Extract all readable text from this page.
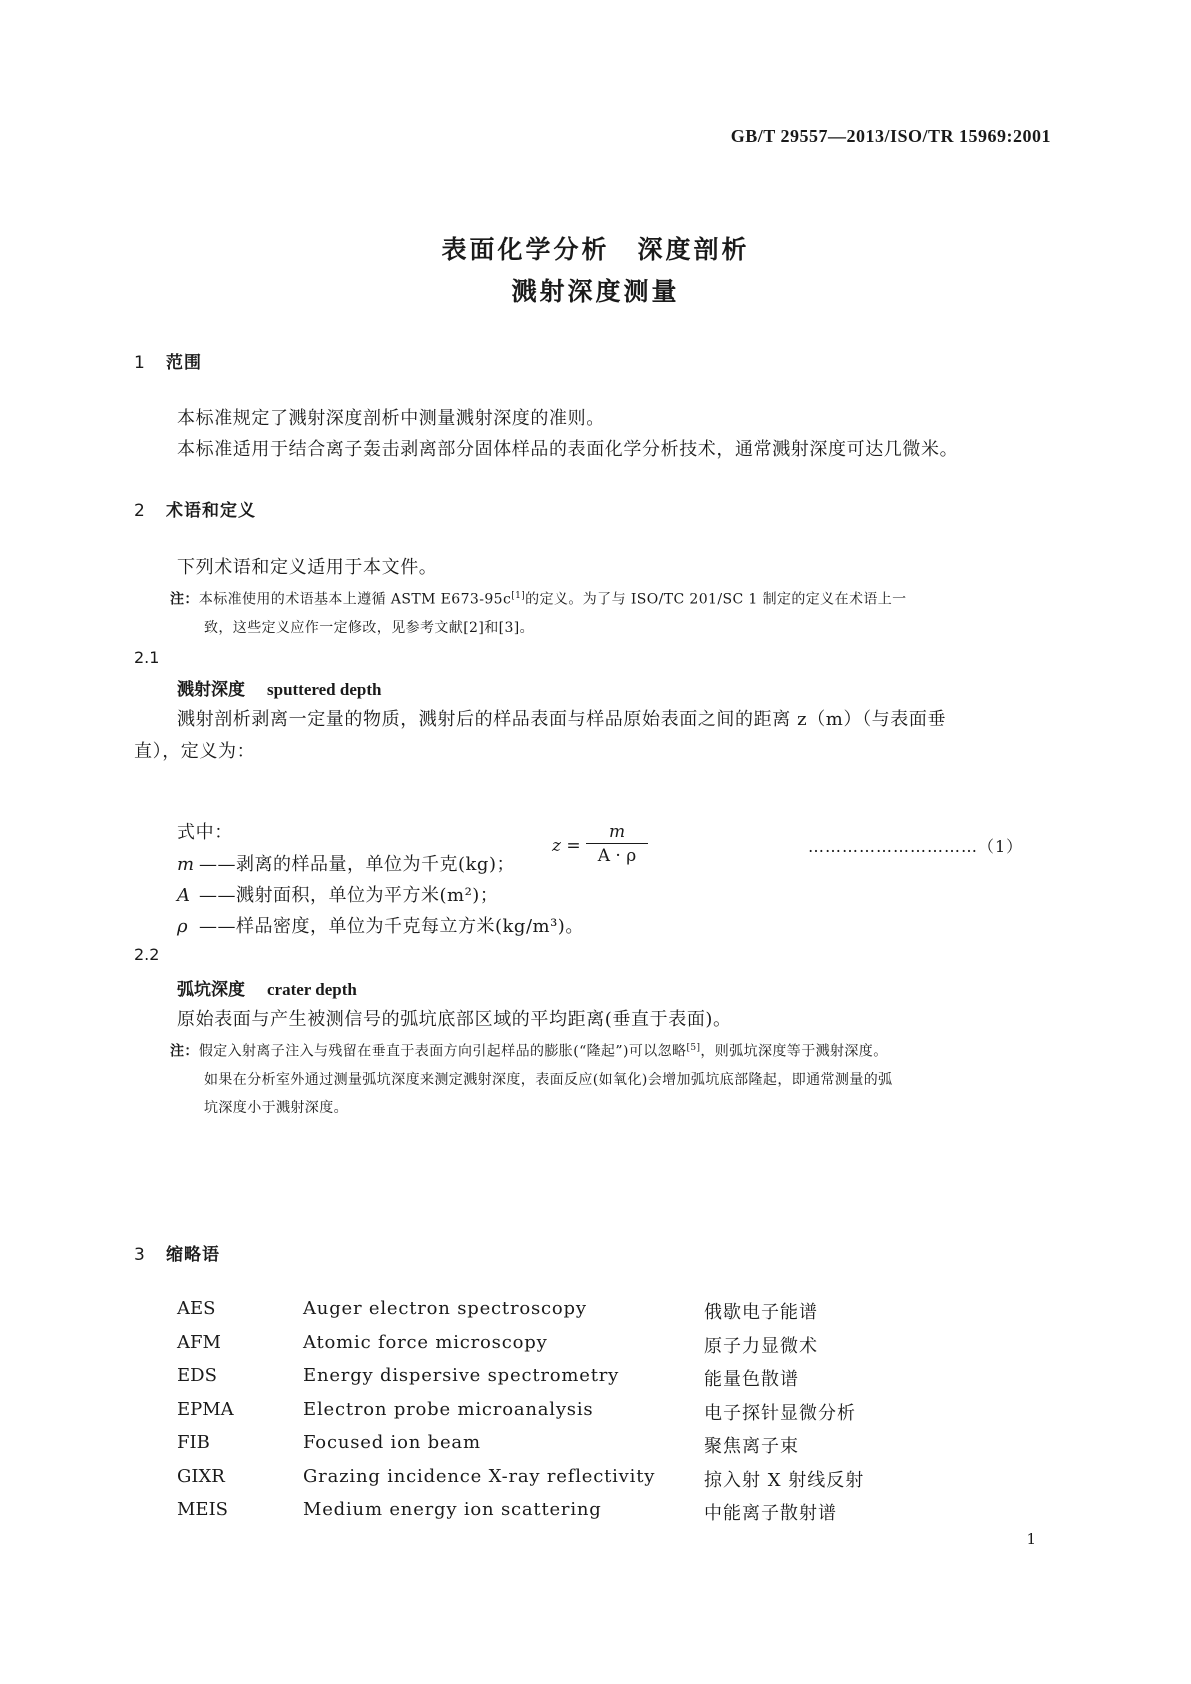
GB/T 29557—2013/ISO/TR 15969:2001
表面化学分析　深度剖析
溅射深度测量
1 范围
本标准规定了溅射深度剖析中测量溅射深度的准则。
本标准适用于结合离子轰击剥离部分固体样品的表面化学分析技术，通常溅射深度可达几微米。
2 术语和定义
下列术语和定义适用于本文件。
注：本标准使用的术语基本上遵循 ASTM E673-95c[1]的定义。为了与 ISO/TC 201/SC 1 制定的定义在术语上一
致，这些定义应作一定修改，见参考文献[2]和[3]。
2.1
溅射深度 sputtered depth
溅射剖析剥离一定量的物质，溅射后的样品表面与样品原始表面之间的距离 z（m）（与表面垂
直），定义为：
z =
m
A · ρ	…………………………（1）
式中：
m ——剥离的样品量，单位为千克(kg)；
A ——溅射面积，单位为平方米(m²)；
ρ ——样品密度，单位为千克每立方米(kg/m³)。
2.2
弧坑深度 crater depth
原始表面与产生被测信号的弧坑底部区域的平均距离(垂直于表面)。
注：假定入射离子注入与残留在垂直于表面方向引起样品的膨胀(“隆起”)可以忽略[5]，则弧坑深度等于溅射深度。
如果在分析室外通过测量弧坑深度来测定溅射深度，表面反应(如氧化)会增加弧坑底部隆起，即通常测量的弧
坑深度小于溅射深度。
3 缩略语
AES	Auger electron spectroscopy	俄歇电子能谱
AFM	Atomic force microscopy	原子力显微术
EDS	Energy dispersive spectrometry	能量色散谱
EPMA	Electron probe microanalysis	电子探针显微分析
FIB	Focused ion beam	聚焦离子束
GIXR	Grazing incidence X-ray reflectivity	掠入射 X 射线反射
MEIS	Medium energy ion scattering	中能离子散射谱
1
